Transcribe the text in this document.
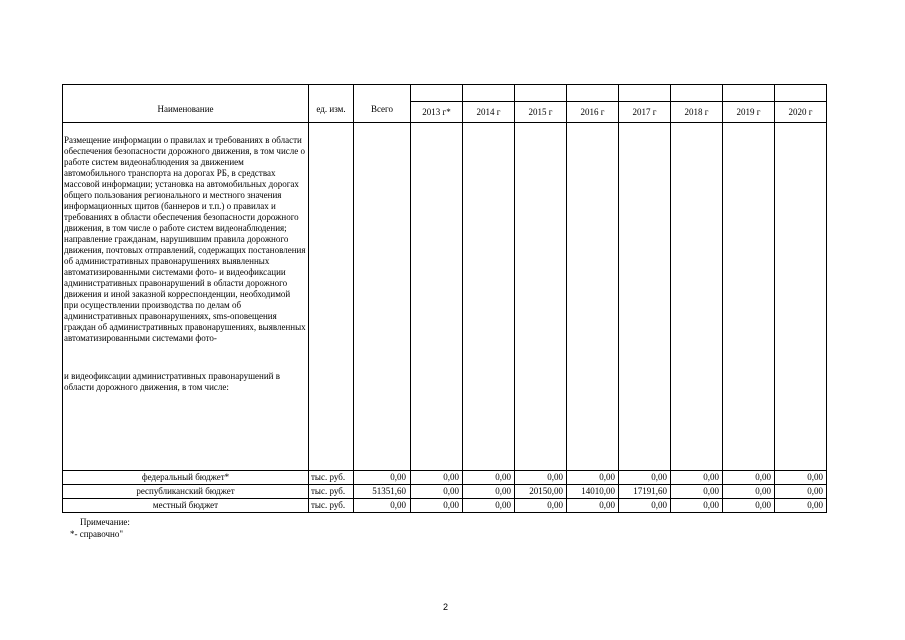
Наименование	ед. изм.	Всего								
			2013 г*	2014 г	2015 г	2016 г	2017 г	2018 г	2019 г	2020 г

Размещение информации о правилах и требованиях в области обеспечения безопасности дорожного движения, в том числе о работе систем видеонаблюдения за движением автомобильного транспорта на дорогах РБ, в средствах массовой информации; установка на автомобильных дорогах общего пользования регионального и местного значения информационных щитов (баннеров и т.п.) о правилах и требованиях в области обеспечения безопасности дорожного движения, в том числе о работе систем видеонаблюдения; направление гражданам, нарушившим правила дорожного движения, почтовых отправлений, содержащих постановления об административных правонарушениях выявленных автоматизированными системами фото- и видеофиксации административных правонарушений в области дорожного движения и иной заказной корреспонденции, необходимой при осуществлении производства по делам об административных правонарушениях, sms-оповещения граждан об административных правонарушениях, выявленных автоматизированными системами фото-

и видеофиксации административных правонарушений в области дорожного движения, в том числе:										

федеральный бюджет*	тыс. руб.	0,00	0,00	0,00	0,00	0,00	0,00	0,00	0,00	0,00
республиканский бюджет	тыс. руб.	51351,60	0,00	0,00	20150,00	14010,00	17191,60	0,00	0,00	0,00
местный бюджет	тыс. руб.	0,00	0,00	0,00	0,00	0,00	0,00	0,00	0,00	0,00
Примечание:
*- справочно"
2
